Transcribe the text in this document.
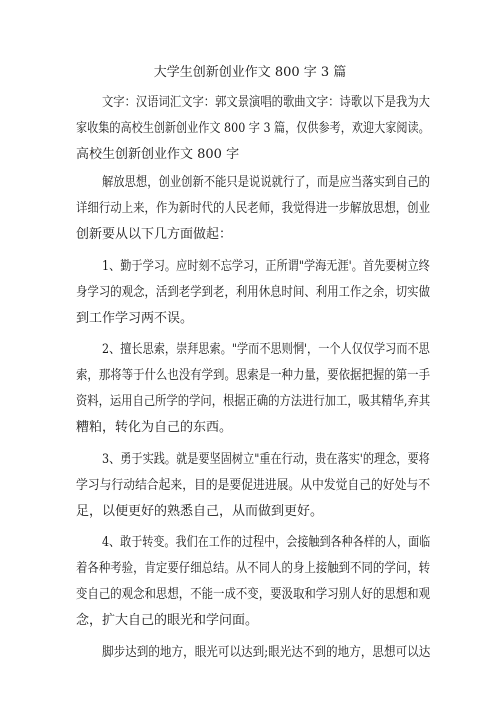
大学生创新创业作文 800 字 3 篇
文字：汉语词汇文字：郭文景演唱的歌曲文字：诗歌以下是我为大
家收集的高校生创新创业作文 800 字 3 篇，仅供参考，欢迎大家阅读。
高校生创新创业作文 800 字
解放思想，创业创新不能只是说说就行了，而是应当落实到自己的
详细行动上来，作为新时代的人民老师，我觉得进一步解放思想，创业
创新要从以下几方面做起：
1、勤于学习。应时刻不忘学习，正所谓"学海无涯'。首先要树立终
身学习的观念，活到老学到老，利用休息时间、利用工作之余，切实做
到工作学习两不误。
2、擅长思索，崇拜思索。"学而不思则惘'，一个人仅仅学习而不思
索，那将等于什么也没有学到。思索是一种力量，要依据把握的第一手
资料，运用自己所学的学问，根据正确的方法进行加工，吸其精华,弃其
糟粕，转化为自己的东西。
3、勇于实践。就是要坚固树立"重在行动，贵在落实'的理念，要将
学习与行动结合起来，目的是要促进进展。从中发觉自己的好处与不
足，以便更好的熟悉自己，从而做到更好。
4、敢于转变。我们在工作的过程中，会接触到各种各样的人，面临
着各种考验，肯定要仔细总结。从不同人的身上接触到不同的学问，转
变自己的观念和思想，不能一成不变，要汲取和学习别人好的思想和观
念，扩大自己的眼光和学问面。
脚步达到的地方，眼光可以达到;眼光达不到的地方，思想可以达
